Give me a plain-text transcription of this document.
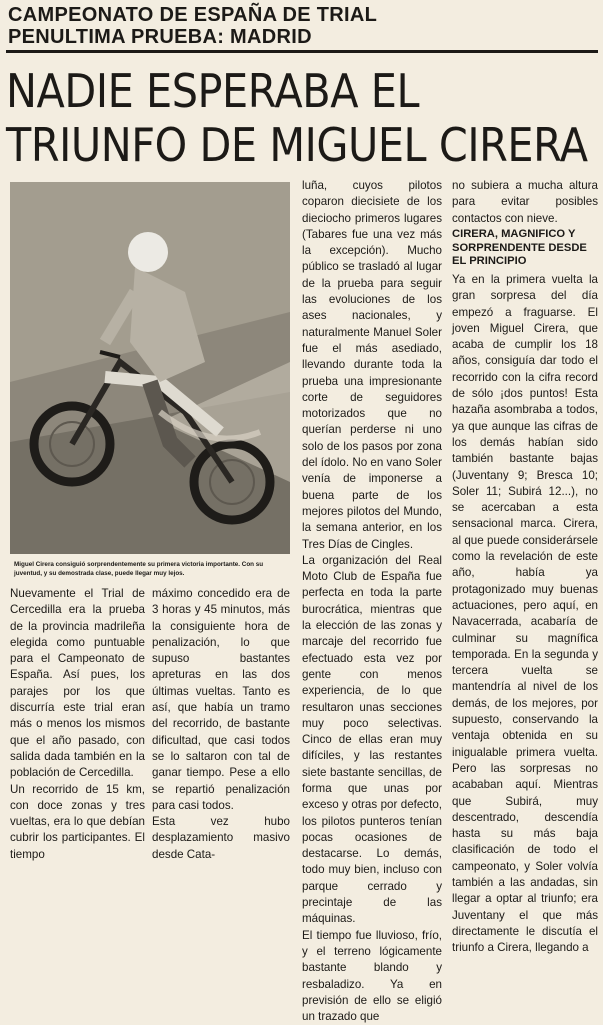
CAMPEONATO DE ESPAÑA DE TRIAL
PENULTIMA PRUEBA: MADRID
NADIE ESPERABA EL
TRIUNFO DE MIGUEL CIRERA
Miguel Cirera consiguió sorprendentemente su primera victoria importante. Con su juventud, y su demostrada clase, puede llegar muy lejos.
Nuevamente el Trial de Cercedilla era la prueba de la provincia madrileña elegida como puntuable para el Campeonato de España. Así pues, los parajes por los que discurría este trial eran más o menos los mismos que el año pasado, con salida dada también en la población de Cercedilla.
Un recorrido de 15 km, con doce zonas y tres vueltas, era lo que debían cubrir los participantes. El tiempo
máximo concedido era de 3 horas y 45 minutos, más la consiguiente hora de penalización, lo que supuso bastantes apreturas en las dos últimas vueltas. Tanto es así, que había un tramo del recorrido, de bastante dificultad, que casi todos se lo saltaron con tal de ganar tiempo. Pese a ello se repartió penalización para casi todos.
Esta vez hubo desplazamiento masivo desde Cata-
luña, cuyos pilotos coparon diecisiete de los dieciocho primeros lugares (Tabares fue una vez más la excepción). Mucho público se trasladó al lugar de la prueba para seguir las evoluciones de los ases nacionales, y naturalmente Manuel Soler fue el más asediado, llevando durante toda la prueba una impresionante corte de seguidores motorizados que no querían perderse ni uno solo de los pasos por zona del ídolo. No en vano Soler venía de imponerse a buena parte de los mejores pilotos del Mundo, la semana anterior, en los Tres Días de Cingles.
La organización del Real Moto Club de España fue perfecta en toda la parte burocrática, mientras que la elección de las zonas y marcaje del recorrido fue efectuado esta vez por gente con menos experiencia, de lo que resultaron unas secciones muy poco selectivas. Cinco de ellas eran muy difíciles, y las restantes siete bastante sencillas, de forma que unas por exceso y otras por defecto, los pilotos punteros tenían pocas ocasiones de destacarse. Lo demás, todo muy bien, incluso con parque cerrado y precintaje de las máquinas.
El tiempo fue lluvioso, frío, y el terreno lógicamente bastante blando y resbaladizo. Ya en previsión de ello se eligió un trazado que
no subiera a mucha altura para evitar posibles contactos con nieve.
CIRERA, MAGNIFICO Y
SORPRENDENTE DESDE
EL PRINCIPIO
Ya en la primera vuelta la gran sorpresa del día empezó a fraguarse. El joven Miguel Cirera, que acaba de cumplir los 18 años, consiguía dar todo el recorrido con la cifra record de sólo ¡dos puntos! Esta hazaña asombraba a todos, ya que aunque las cifras de los demás habían sido también bastante bajas (Juventany 9; Bresca 10; Soler 11; Subirá 12...), no se acercaban a esta sensacional marca. Cirera, al que puede considerársele como la revelación de este año, había ya protagonizado muy buenas actuaciones, pero aquí, en Navacerrada, acabaría de culminar su magnífica temporada. En la segunda y tercera vuelta se mantendría al nivel de los demás, de los mejores, por supuesto, conservando la ventaja obtenida en su inigualable primera vuelta. Pero las sorpresas no acababan aquí. Mientras que Subirá, muy descentrado, descendía hasta su más baja clasificación de todo el campeonato, y Soler volvía también a las andadas, sin llegar a optar al triunfo; era Juventany el que más directamente le discutía el triunfo a Cirera, llegando a
